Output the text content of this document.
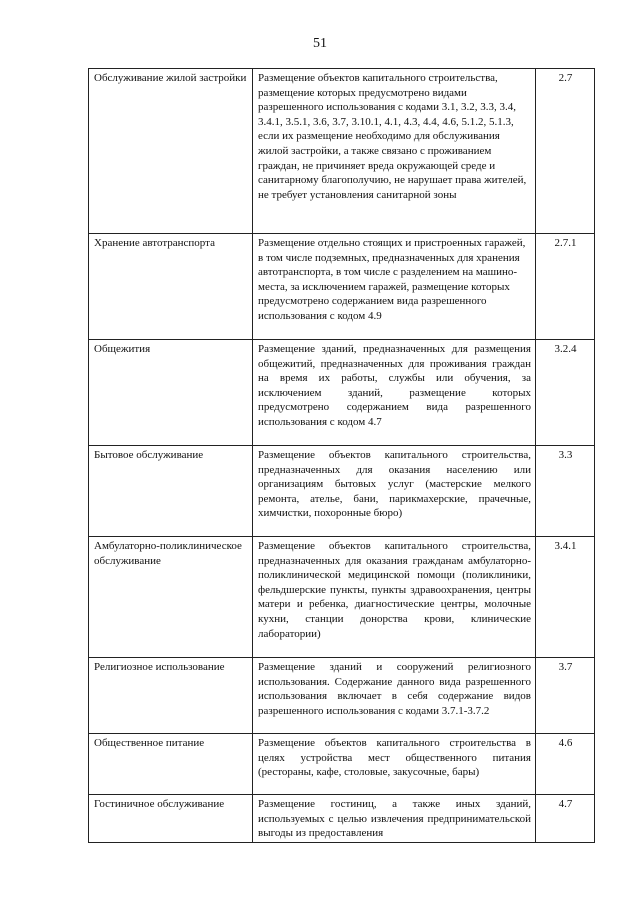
51
Обслуживание жилой застройки	Размещение объектов капитального строительства, размещение которых предусмотрено видами разрешенного использования с кодами 3.1, 3.2, 3.3, 3.4, 3.4.1, 3.5.1, 3.6, 3.7, 3.10.1, 4.1, 4.3, 4.4, 4.6, 5.1.2, 5.1.3, если их размещение необходимо для обслуживания жилой застройки, а также связано с проживанием граждан, не причиняет вреда окружающей среде и санитарному благополучию, не нарушает права жителей, не требует установления санитарной зоны	2.7
Хранение автотранспорта	Размещение отдельно стоящих и пристроенных гаражей, в том числе подземных, предназначенных для хранения автотранспорта, в том числе с разделением на машино-места, за исключением гаражей, размещение которых предусмотрено содержанием вида разрешенного использования с кодом 4.9	2.7.1
Общежития	Размещение зданий, предназначенных для размещения общежитий, предназначенных для проживания граждан на время их работы, службы или обучения, за исключением зданий, размещение которых предусмотрено содержанием вида разрешенного использования с кодом 4.7	3.2.4
Бытовое обслуживание	Размещение объектов капитального строительства, предназначенных для оказания населению или организациям бытовых услуг (мастерские мелкого ремонта, ателье, бани, парикмахерские, прачечные, химчистки, похоронные бюро)	3.3
Амбулаторно-поликлиническое обслуживание	Размещение объектов капитального строительства, предназначенных для оказания гражданам амбулаторно-поликлинической медицинской помощи (поликлиники, фельдшерские пункты, пункты здравоохранения, центры матери и ребенка, диагностические центры, молочные кухни, станции донорства крови, клинические лаборатории)	3.4.1
Религиозное использование	Размещение зданий и сооружений религиозного использования. Содержание данного вида разрешенного использования включает в себя содержание видов разрешенного использования с кодами 3.7.1-3.7.2	3.7
Общественное питание	Размещение объектов капитального строительства в целях устройства мест общественного питания (рестораны, кафе, столовые, закусочные, бары)	4.6
Гостиничное обслуживание	Размещение гостиниц, а также иных зданий, используемых с целью извлечения предпринимательской выгоды из предоставления	4.7
